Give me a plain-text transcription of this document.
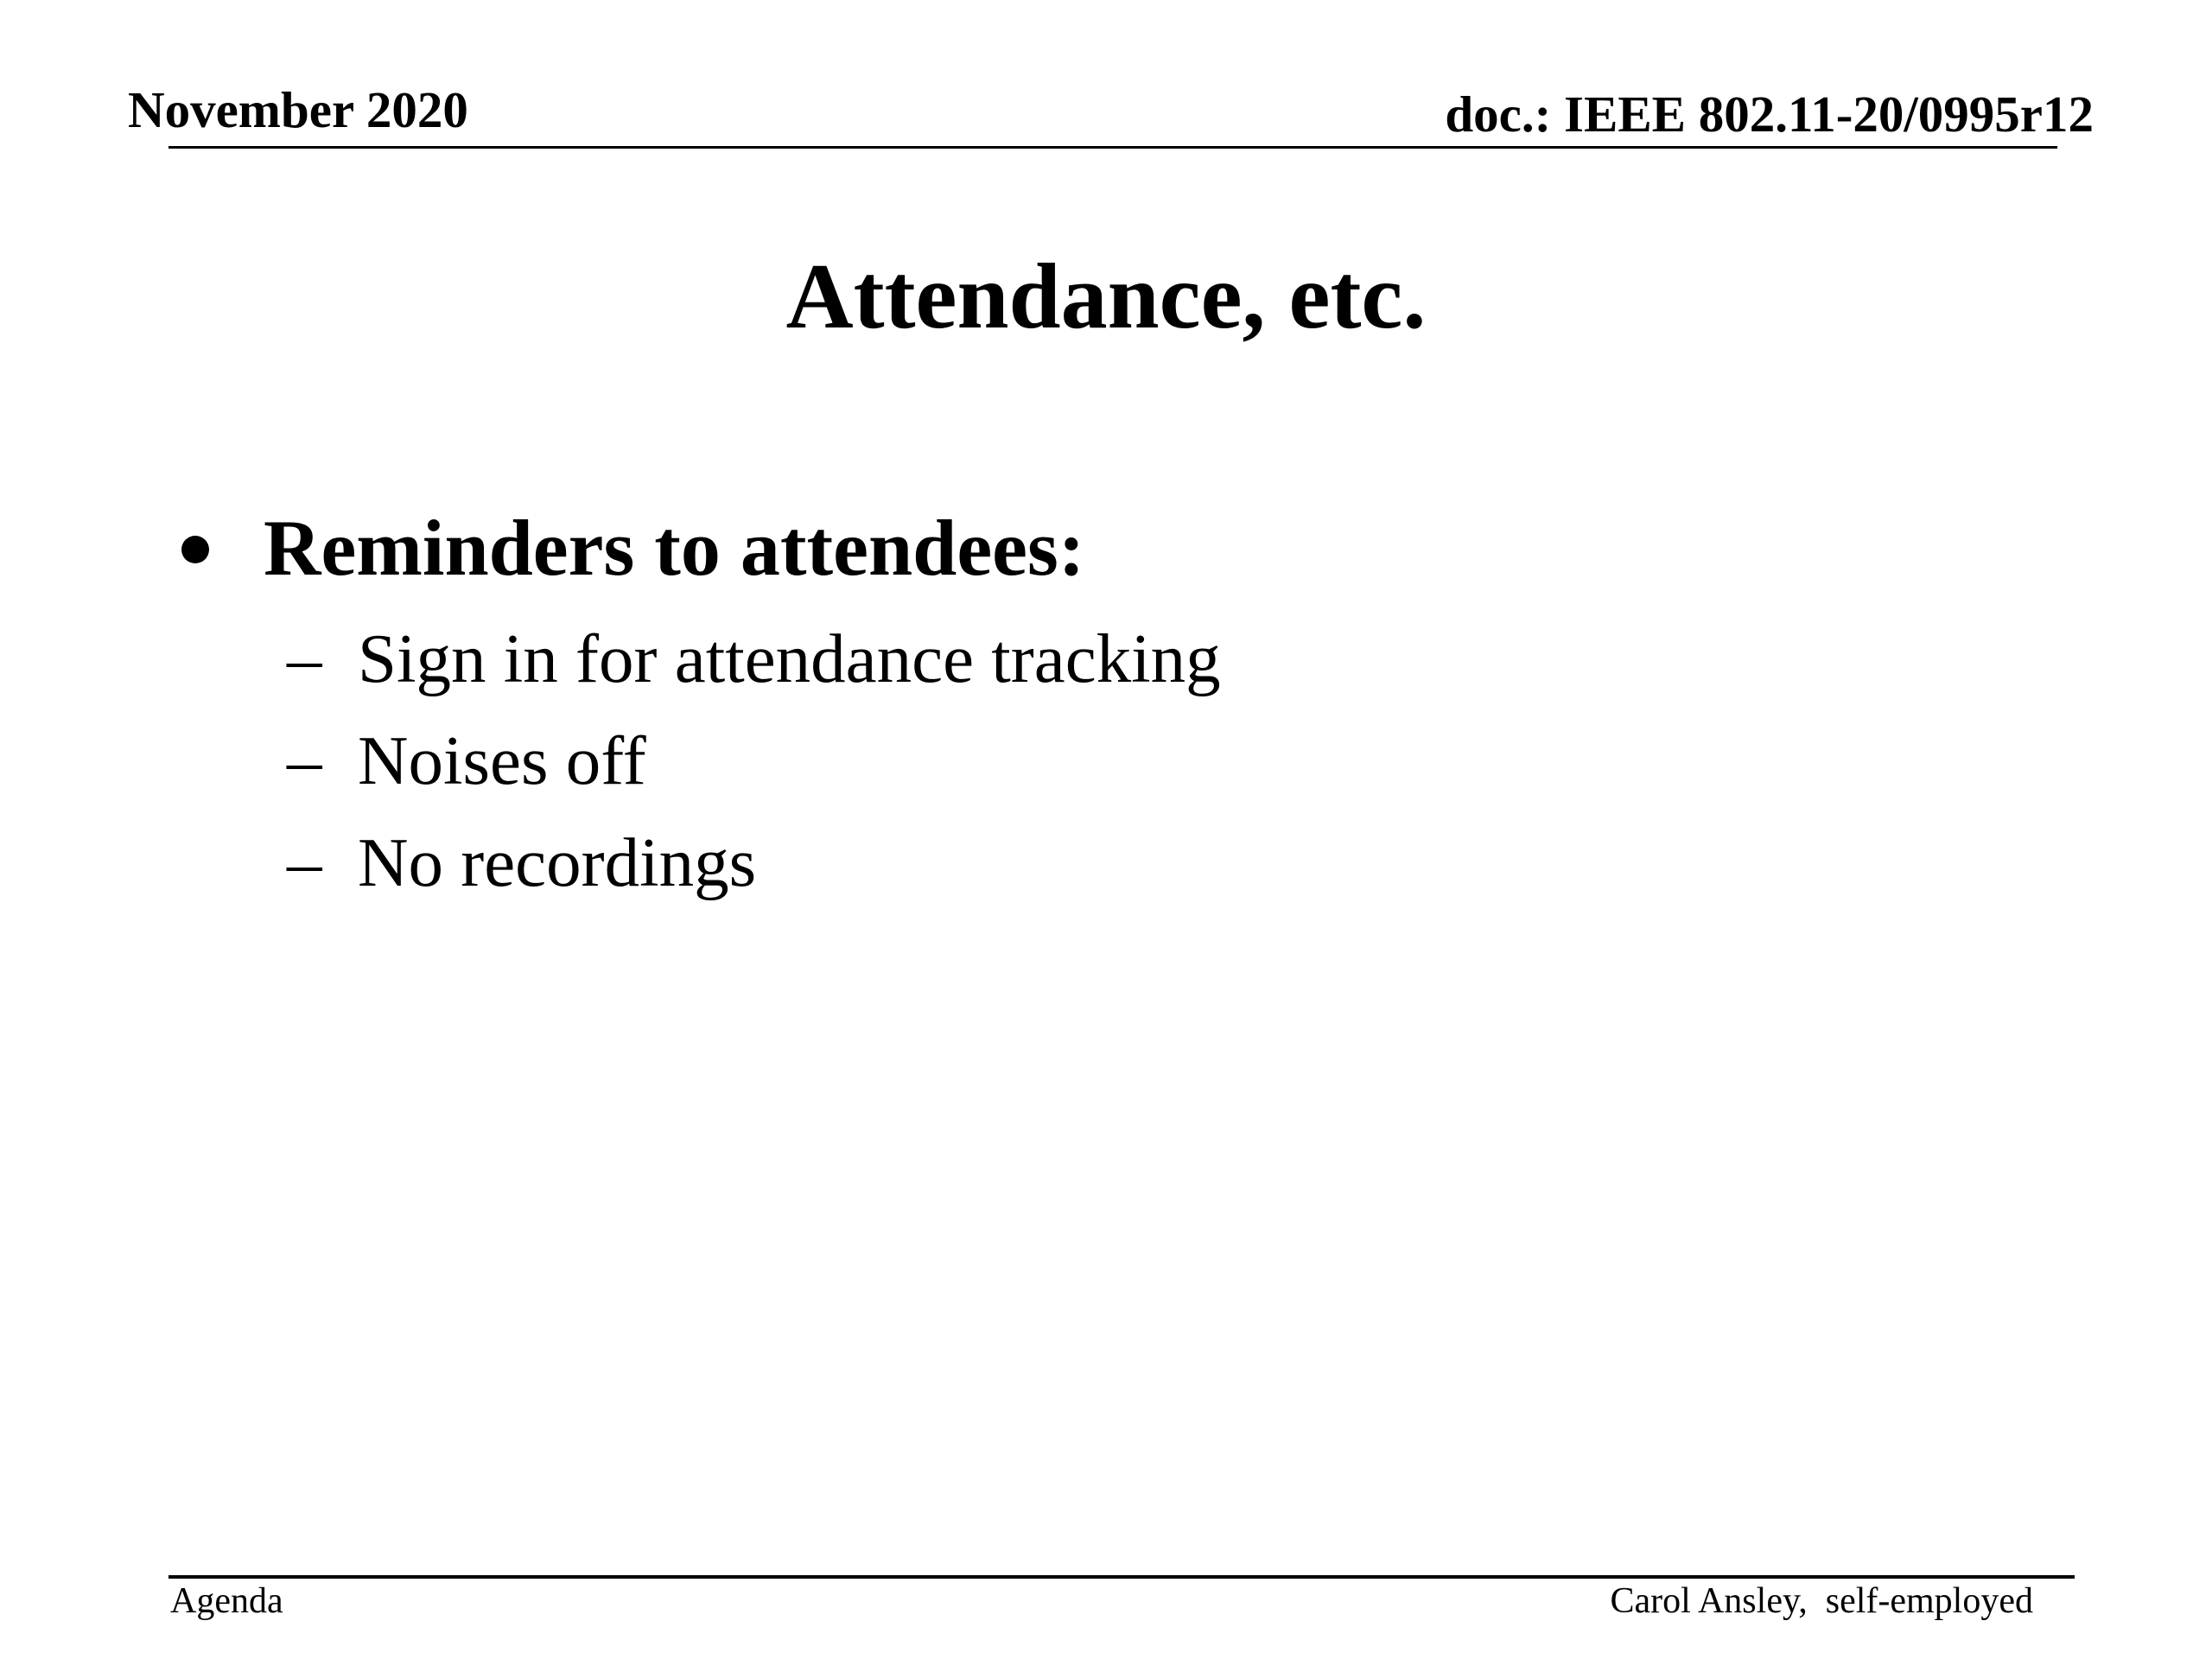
November 2020	doc.: IEEE 802.11-20/0995r12
Attendance, etc.
Reminders to attendees:
– Sign in for attendance tracking
– Noises off
– No recordings
Agenda	Carol Ansley,  self-employed
